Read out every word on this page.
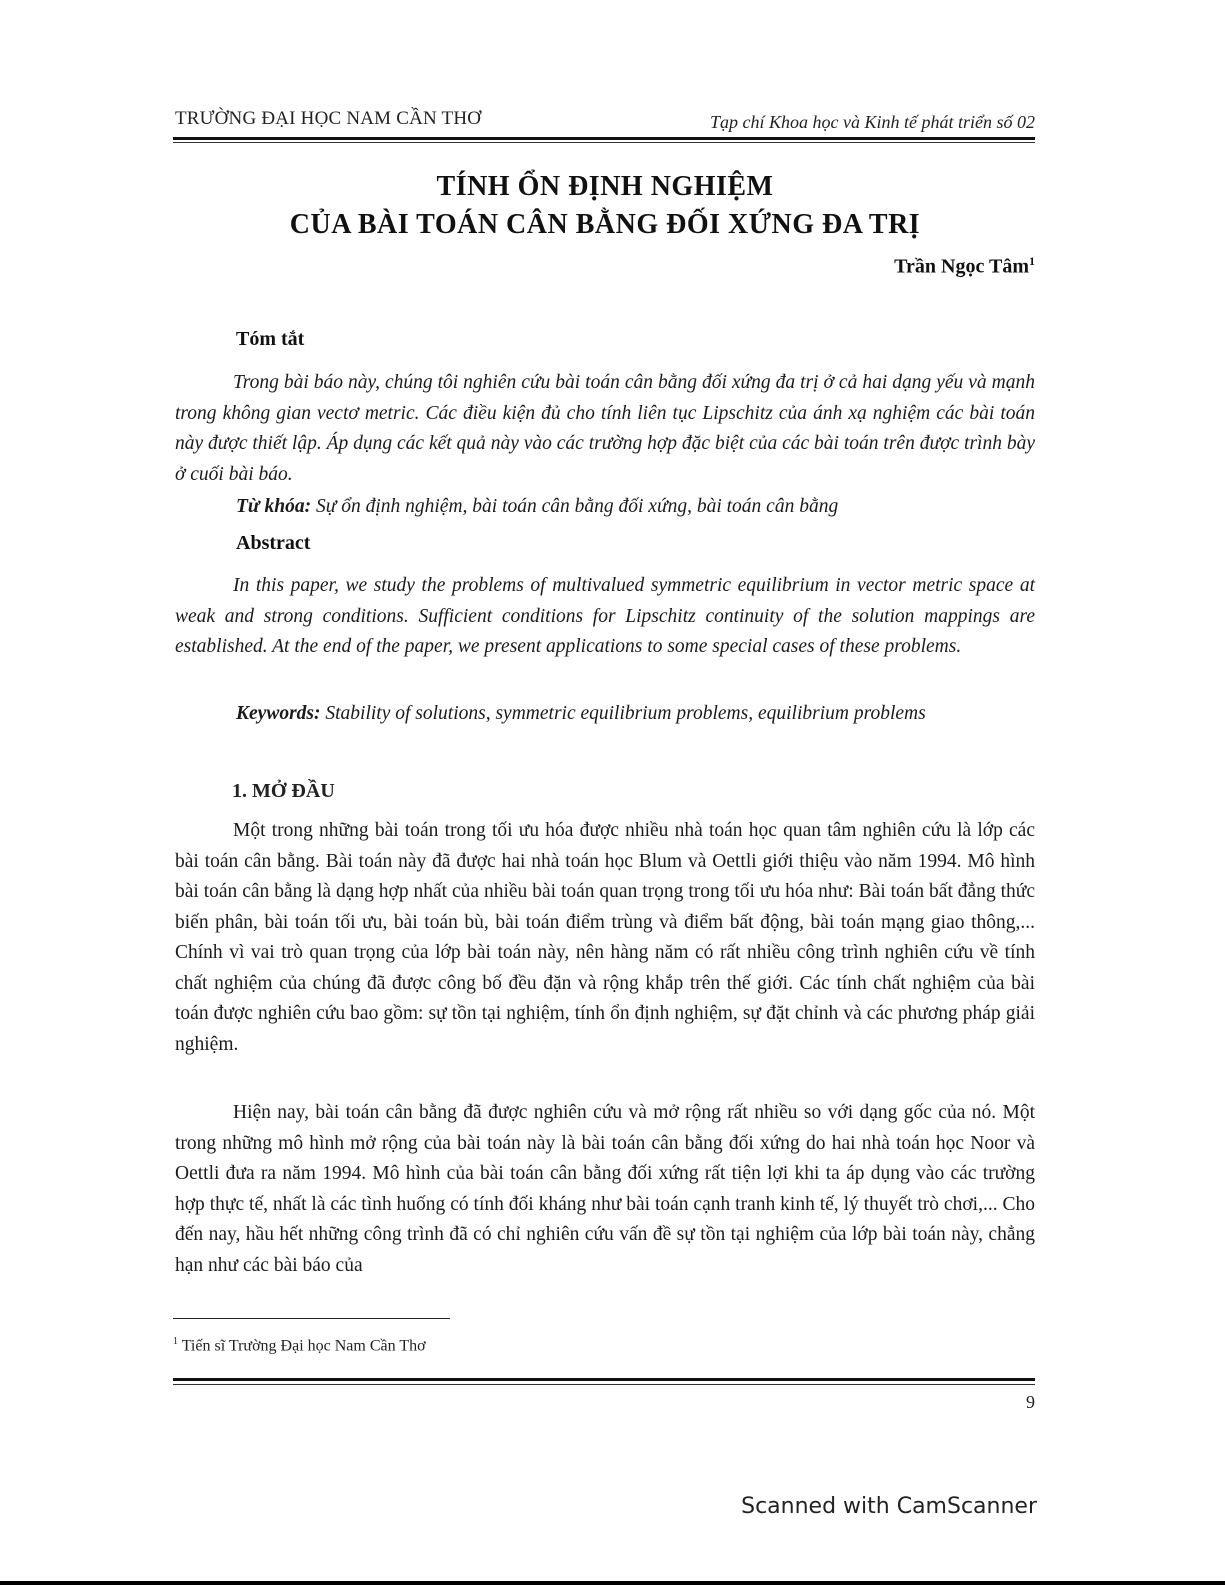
TRƯỜNG ĐẠI HỌC NAM CẦN THƠ	Tạp chí Khoa học và Kinh tế phát triển số 02
TÍNH ỔN ĐỊNH NGHIỆM
CỦA BÀI TOÁN CÂN BẰNG ĐỐI XỨNG ĐA TRỊ
Trần Ngọc Tâm$^1$
Tóm tắt
Trong bài báo này, chúng tôi nghiên cứu bài toán cân bằng đối xứng đa trị ở cả hai dạng yếu và mạnh trong không gian vectơ metric. Các điều kiện đủ cho tính liên tục Lipschitz của ánh xạ nghiệm các bài toán này được thiết lập. Áp dụng các kết quả này vào các trường hợp đặc biệt của các bài toán trên được trình bày ở cuối bài báo.
Từ khóa: Sự ổn định nghiệm, bài toán cân bằng đối xứng, bài toán cân bằng
Abstract
In this paper, we study the problems of multivalued symmetric equilibrium in vector metric space at weak and strong conditions. Sufficient conditions for Lipschitz continuity of the solution mappings are established. At the end of the paper, we present applications to some special cases of these problems.
Keywords: Stability of solutions, symmetric equilibrium problems, equilibrium problems
1. MỞ ĐẦU
Một trong những bài toán trong tối ưu hóa được nhiều nhà toán học quan tâm nghiên cứu là lớp các bài toán cân bằng. Bài toán này đã được hai nhà toán học Blum và Oettli giới thiệu vào năm 1994. Mô hình bài toán cân bằng là dạng hợp nhất của nhiều bài toán quan trọng trong tối ưu hóa như: Bài toán bất đẳng thức biến phân, bài toán tối ưu, bài toán bù, bài toán điểm trùng và điểm bất động, bài toán mạng giao thông,... Chính vì vai trò quan trọng của lớp bài toán này, nên hàng năm có rất nhiều công trình nghiên cứu về tính chất nghiệm của chúng đã được công bố đều đặn và rộng khắp trên thế giới. Các tính chất nghiệm của bài toán được nghiên cứu bao gồm: sự tồn tại nghiệm, tính ổn định nghiệm, sự đặt chỉnh và các phương pháp giải nghiệm.
Hiện nay, bài toán cân bằng đã được nghiên cứu và mở rộng rất nhiều so với dạng gốc của nó. Một trong những mô hình mở rộng của bài toán này là bài toán cân bằng đối xứng do hai nhà toán học Noor và Oettli đưa ra năm 1994. Mô hình của bài toán cân bằng đối xứng rất tiện lợi khi ta áp dụng vào các trường hợp thực tế, nhất là các tình huống có tính đối kháng như bài toán cạnh tranh kinh tế, lý thuyết trò chơi,... Cho đến nay, hầu hết những công trình đã có chỉ nghiên cứu vấn đề sự tồn tại nghiệm của lớp bài toán này, chẳng hạn như các bài báo của
$^1$ Tiến sĩ Trường Đại học Nam Cần Thơ
9
Scanned with CamScanner
